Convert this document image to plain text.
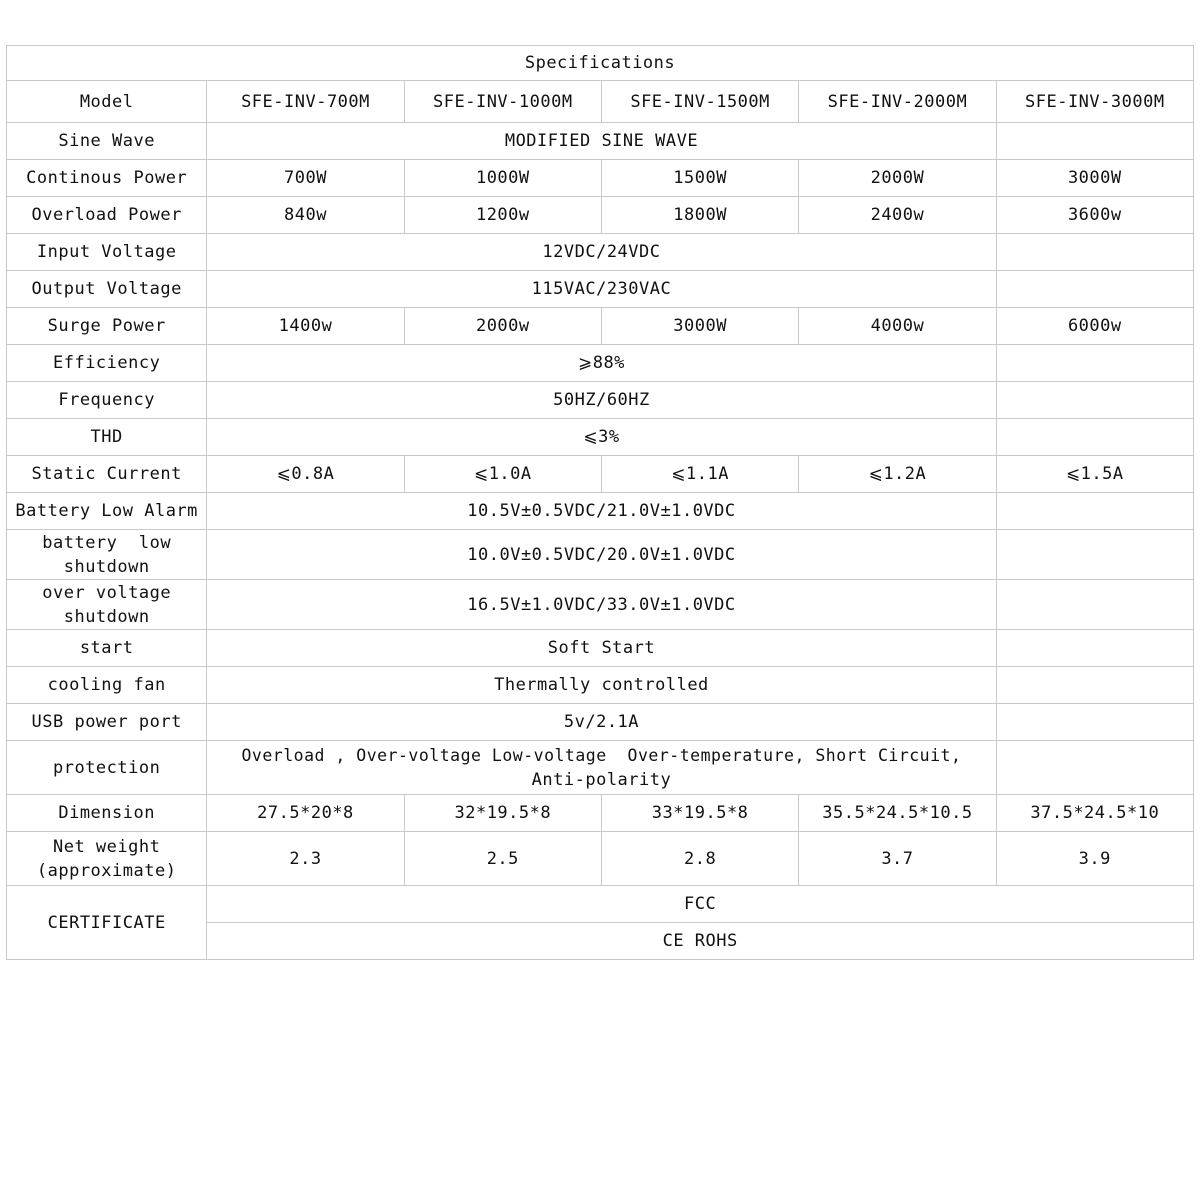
Specifications					
Model	SFE-INV-700M	SFE-INV-1000M	SFE-INV-1500M	SFE-INV-2000M	SFE-INV-3000M
Sine Wave	MODIFIED SINE WAVE				
Continous Power	700W	1000W	1500W	2000W	3000W
Overload Power	840w	1200w	1800W	2400w	3600w
Input Voltage	12VDC/24VDC				
Output Voltage	115VAC/230VAC				
Surge Power	1400w	2000w	3000W	4000w	6000w
Efficiency	⩾88%				
Frequency	50HZ/60HZ				
THD	⩽3%				
Static Current	⩽0.8A	⩽1.0A	⩽1.1A	⩽1.2A	⩽1.5A
Battery Low Alarm	10.5V±0.5VDC/21.0V±1.0VDC				

battery  low
shutdown	10.0V±0.5VDC/20.0V±1.0VDC				

over voltage
shutdown	16.5V±1.0VDC/33.0V±1.0VDC				
start	Soft Start				
cooling fan	Thermally controlled				
USB power port	5v/2.1A				
protection	Overload , Over-voltage Low-voltage  Over-temperature, Short Circuit,
Anti-polarity				

Dimension	27.5*20*8	32*19.5*8	33*19.5*8	35.5*24.5*10.5	37.5*24.5*10

Net weight
(approximate)	2.3	2.5	2.8	3.7	3.9
CERTIFICATE	FCC				
	CE ROHS				
